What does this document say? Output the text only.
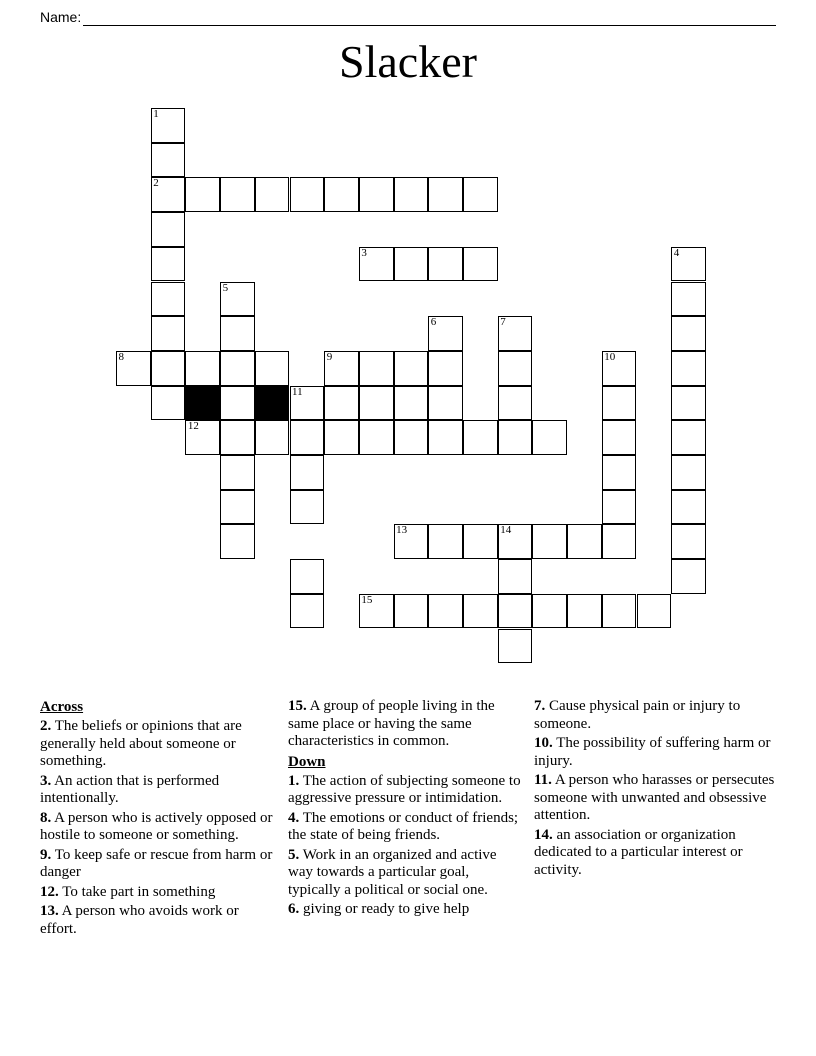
Name:
Slacker
1
2
3	4
5
6	7
8	9	10
11
12
13	14
15
Across

2. The beliefs or opinions that are generally held about someone or something.

3. An action that is performed intentionally.

8. A person who is actively opposed or hostile to someone or something.

9. To keep safe or rescue from harm or danger

12. To take part in something

13. A person who avoids work or effort.

15. A group of people living in the same place or having the same characteristics in common.

Down

1. The action of subjecting someone to aggressive pressure or intimidation.

4. The emotions or conduct of friends; the state of being friends.

5. Work in an organized and active way towards a particular goal, typically a political or social one.

6. giving or ready to give help

7. Cause physical pain or injury to someone.

10. The possibility of suffering harm or injury.

11. A person who harasses or persecutes someone with unwanted and obsessive attention.

14. an association or organization dedicated to a particular interest or activity.
